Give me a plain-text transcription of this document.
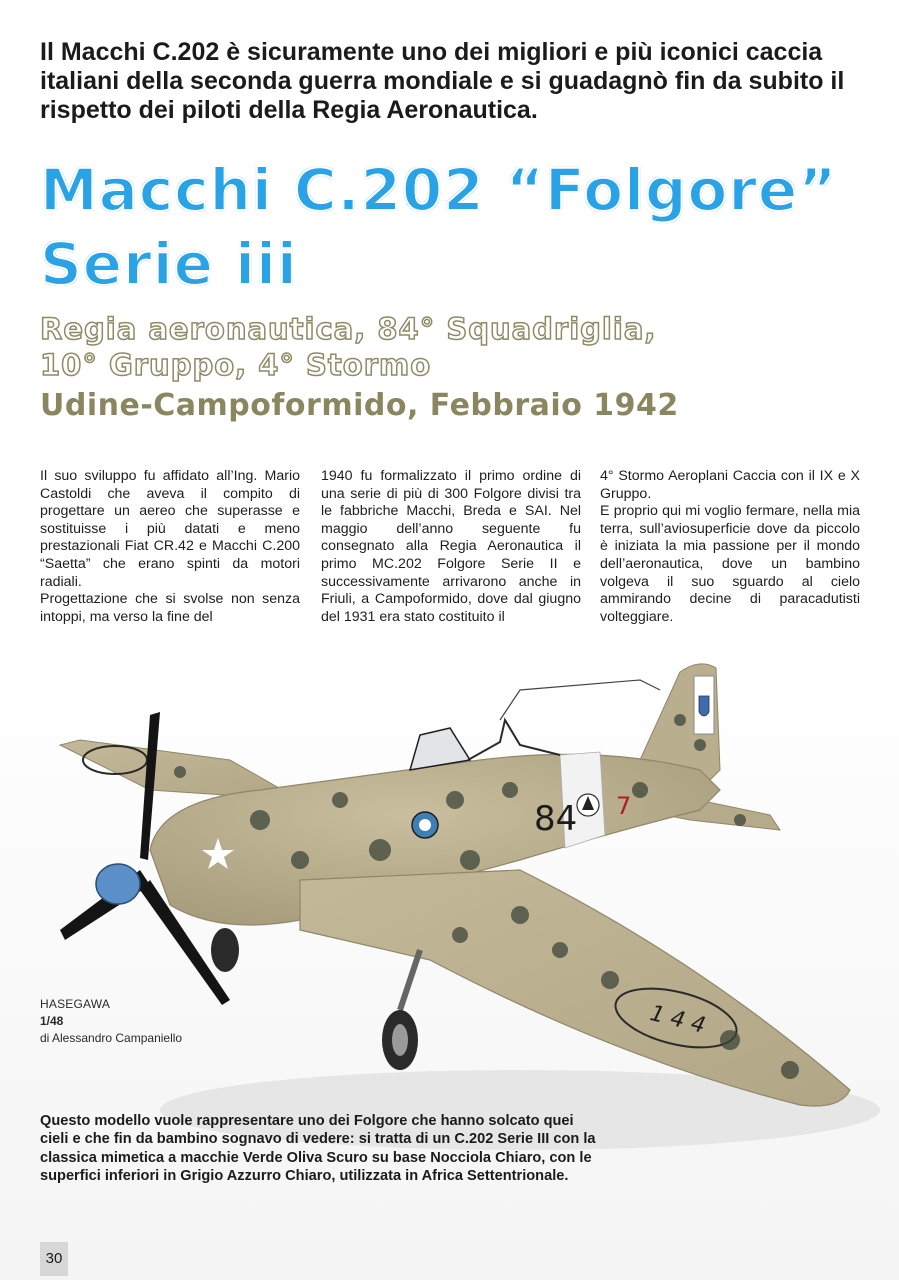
Il Macchi C.202 è sicuramente uno dei migliori e più iconici caccia italiani della seconda guerra mondiale e si guadagnò fin da subito il rispetto dei piloti della Regia Aeronautica.
Macchi C.202 “Folgore”
Serie iii
Regia aeronautica, 84° Squadriglia,
10° Gruppo, 4° Stormo
Udine-Campoformido, Febbraio 1942

Il suo sviluppo fu affidato all’Ing. Mario Castoldi che aveva il compito di progettare un aereo che superasse e sostituisse i più datati e meno prestazionali Fiat CR.42 e Macchi C.200 “Saetta” che erano spinti da motori radiali.

Progettazione che si svolse non senza intoppi, ma verso la fine del

1940 fu formalizzato il primo ordine di una serie di più di 300 Folgore divisi tra le fabbriche Macchi, Breda e SAI. Nel maggio dell’anno seguente fu consegnato alla Regia Aeronautica il primo MC.202 Folgore Serie II e successivamente arrivarono anche in Friuli, a Campoformido, dove dal giugno del 1931 era stato costituito il

4° Stormo Aeroplani Caccia con il IX e X Gruppo.

E proprio qui mi voglio fermare, nella mia terra, sull’aviosuperficie dove da piccolo è iniziata la mia passione per il mondo dell’aeronautica, dove un bambino volgeva il suo sguardo al cielo ammirando decine di paracadutisti volteggiare.

84 7
1 4 4
HASEGAWA
1/48
di Alessandro Campaniello
Questo modello vuole rappresentare uno dei Folgore che hanno solcato quei cieli e che fin da bambino sognavo di vedere: si tratta di un C.202 Serie III con la classica mimetica a macchie Verde Oliva Scuro su base Nocciola Chiaro, con le superfici inferiori in Grigio Azzurro Chiaro, utilizzata in Africa Settentrionale.
30
